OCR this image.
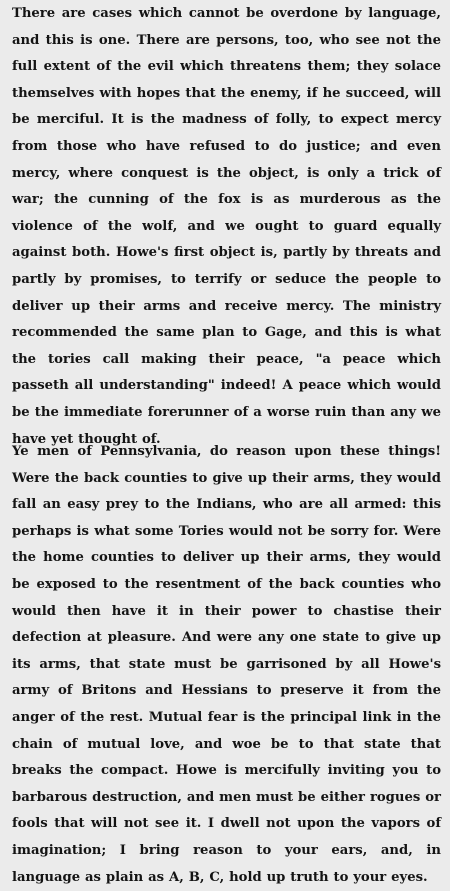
There are cases which cannot be overdone by language, and this is one. There are persons, too, who see not the full extent of the evil which threatens them; they solace themselves with hopes that the enemy, if he succeed, will be merciful. It is the madness of folly, to expect mercy from those who have refused to do justice; and even mercy, where conquest is the object, is only a trick of war; the cunning of the fox is as murderous as the violence of the wolf, and we ought to guard equally against both. Howe's first object is, partly by threats and partly by promises, to terrify or seduce the people to deliver up their arms and receive mercy. The ministry recommended the same plan to Gage, and this is what the tories call making their peace, "a peace which passeth all understanding" indeed! A peace which would be the immediate forerunner of a worse ruin than any we have yet thought of.

Ye men of Pennsylvania, do reason upon these things! Were the back counties to give up their arms, they would fall an easy prey to the Indians, who are all armed: this perhaps is what some Tories would not be sorry for. Were the home counties to deliver up their arms, they would be exposed to the resentment of the back counties who would then have it in their power to chastise their defection at pleasure. And were any one state to give up its arms, that state must be garrisoned by all Howe's army of Britons and Hessians to preserve it from the anger of the rest. Mutual fear is the principal link in the chain of mutual love, and woe be to that state that breaks the compact. Howe is mercifully inviting you to barbarous destruction, and men must be either rogues or fools that will not see it. I dwell not upon the vapors of imagination; I bring reason to your ears, and, in language as plain as A, B, C, hold up truth to your eyes.
